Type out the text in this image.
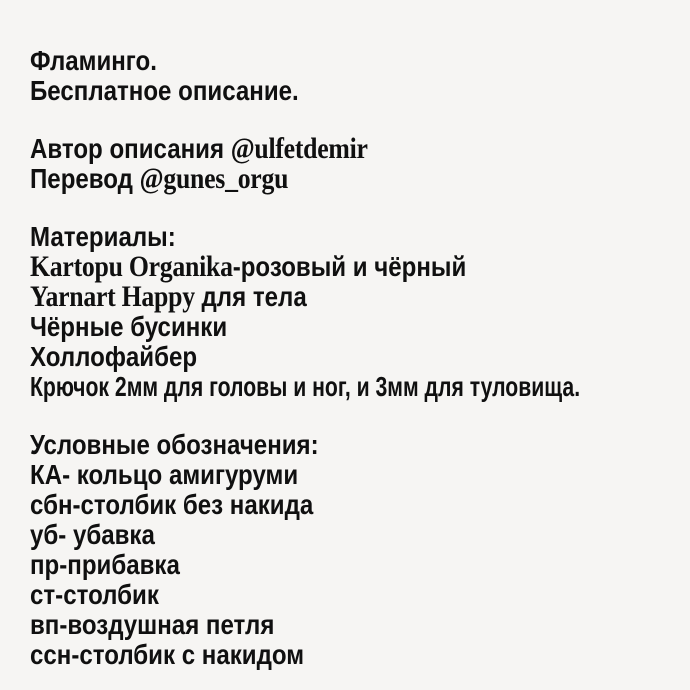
Фламинго.
Бесплатное описание.
Автор описания @ulfetdemir
Перевод @gunes_orgu
Материалы:
Kartopu Organika-розовый и чёрный
Yarnart Happy для тела
Чёрные бусинки
Холлофайбер
Крючок 2мм для головы и ног, и 3мм для туловища.
Условные обозначения:
КА- кольцо амигуруми
сбн-столбик без накида
уб- убавка
пр-прибавка
ст-столбик
вп-воздушная петля
ссн-столбик с накидом
